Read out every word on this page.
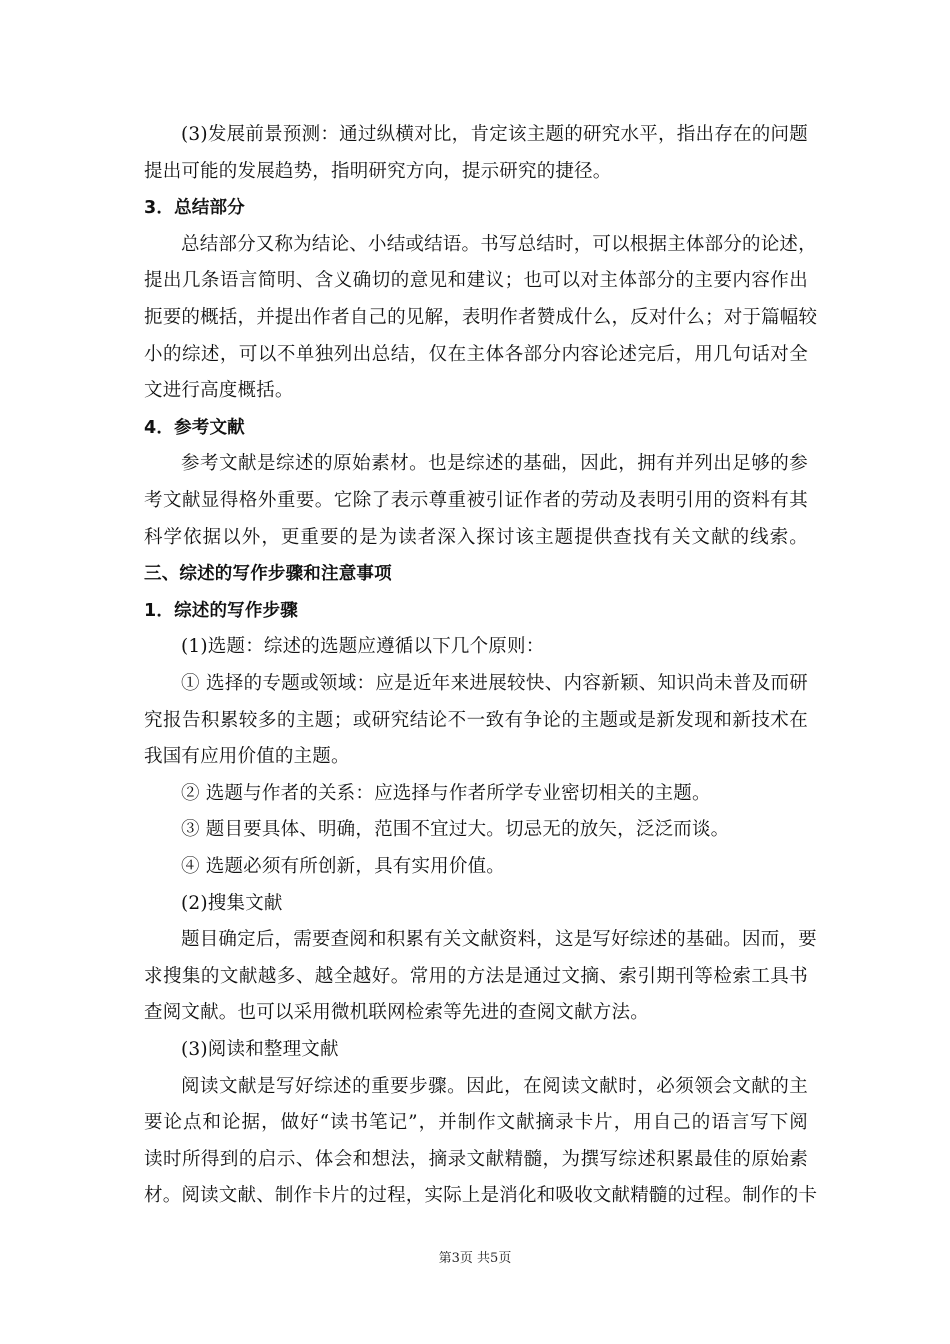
(3)发展前景预测：通过纵横对比，肯定该主题的研究水平，指出存在的问题
提出可能的发展趋势，指明研究方向，提示研究的捷径。
3．总结部分
总结部分又称为结论、小结或结语。书写总结时，可以根据主体部分的论述，
提出几条语言简明、含义确切的意见和建议；也可以对主体部分的主要内容作出
扼要的概括，并提出作者自己的见解，表明作者赞成什么，反对什么；对于篇幅较
小的综述，可以不单独列出总结，仅在主体各部分内容论述完后，用几句话对全
文进行高度概括。
4．参考文献
参考文献是综述的原始素材。也是综述的基础，因此，拥有并列出足够的参
考文献显得格外重要。它除了表示尊重被引证作者的劳动及表明引用的资料有其
科学依据以外，更重要的是为读者深入探讨该主题提供查找有关文献的线索。
三、综述的写作步骤和注意事项
1．综述的写作步骤
(1)选题：综述的选题应遵循以下几个原则：
① 选择的专题或领域：应是近年来进展较快、内容新颖、知识尚未普及而研
究报告积累较多的主题；或研究结论不一致有争论的主题或是新发现和新技术在
我国有应用价值的主题。
② 选题与作者的关系：应选择与作者所学专业密切相关的主题。
③ 题目要具体、明确，范围不宜过大。切忌无的放矢，泛泛而谈。
④ 选题必须有所创新，具有实用价值。
(2)搜集文献
题目确定后，需要查阅和积累有关文献资料，这是写好综述的基础。因而，要
求搜集的文献越多、越全越好。常用的方法是通过文摘、索引期刊等检索工具书
查阅文献。也可以采用微机联网检索等先进的查阅文献方法。
(3)阅读和整理文献
阅读文献是写好综述的重要步骤。因此，在阅读文献时，必须领会文献的主
要论点和论据，做好“读书笔记”，并制作文献摘录卡片，用自己的语言写下阅
读时所得到的启示、体会和想法，摘录文献精髓，为撰写综述积累最佳的原始素
材。阅读文献、制作卡片的过程，实际上是消化和吸收文献精髓的过程。制作的卡
第3页 共5页
